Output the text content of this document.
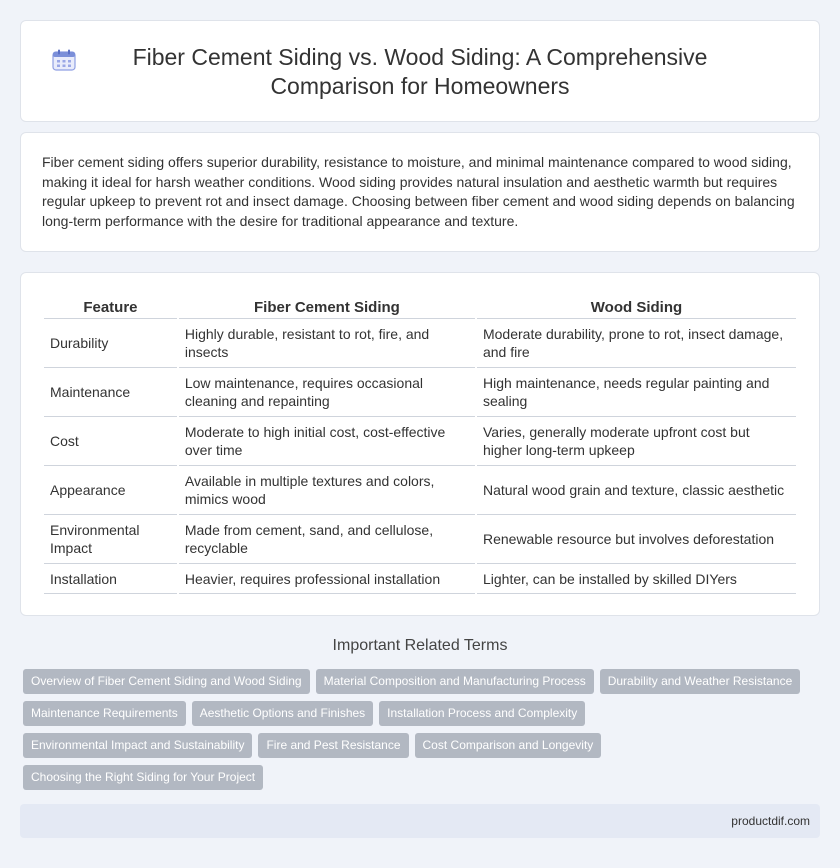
Fiber Cement Siding vs. Wood Siding: A Comprehensive Comparison for Homeowners

Fiber cement siding offers superior durability, resistance to moisture, and minimal maintenance compared to wood siding, making it ideal for harsh weather conditions. Wood siding provides natural insulation and aesthetic warmth but requires regular upkeep to prevent rot and insect damage. Choosing between fiber cement and wood siding depends on balancing long-term performance with the desire for traditional appearance and texture.

Feature	Fiber Cement Siding	Wood Siding
Durability	Highly durable, resistant to rot, fire, and insects	Moderate durability, prone to rot, insect damage, and fire
Maintenance	Low maintenance, requires occasional cleaning and repainting	High maintenance, needs regular painting and sealing
Cost	Moderate to high initial cost, cost-effective over time	Varies, generally moderate upfront cost but higher long-term upkeep
Appearance	Available in multiple textures and colors, mimics wood	Natural wood grain and texture, classic aesthetic
Environmental Impact	Made from cement, sand, and cellulose, recyclable	Renewable resource but involves deforestation
Installation	Heavier, requires professional installation	Lighter, can be installed by skilled DIYers
Important Related Terms
Overview of Fiber Cement Siding and Wood Siding Material Composition and Manufacturing Process Durability and Weather Resistance
Maintenance Requirements Aesthetic Options and Finishes Installation Process and Complexity
Environmental Impact and Sustainability Fire and Pest Resistance Cost Comparison and Longevity
Choosing the Right Siding for Your Project
productdif.com
